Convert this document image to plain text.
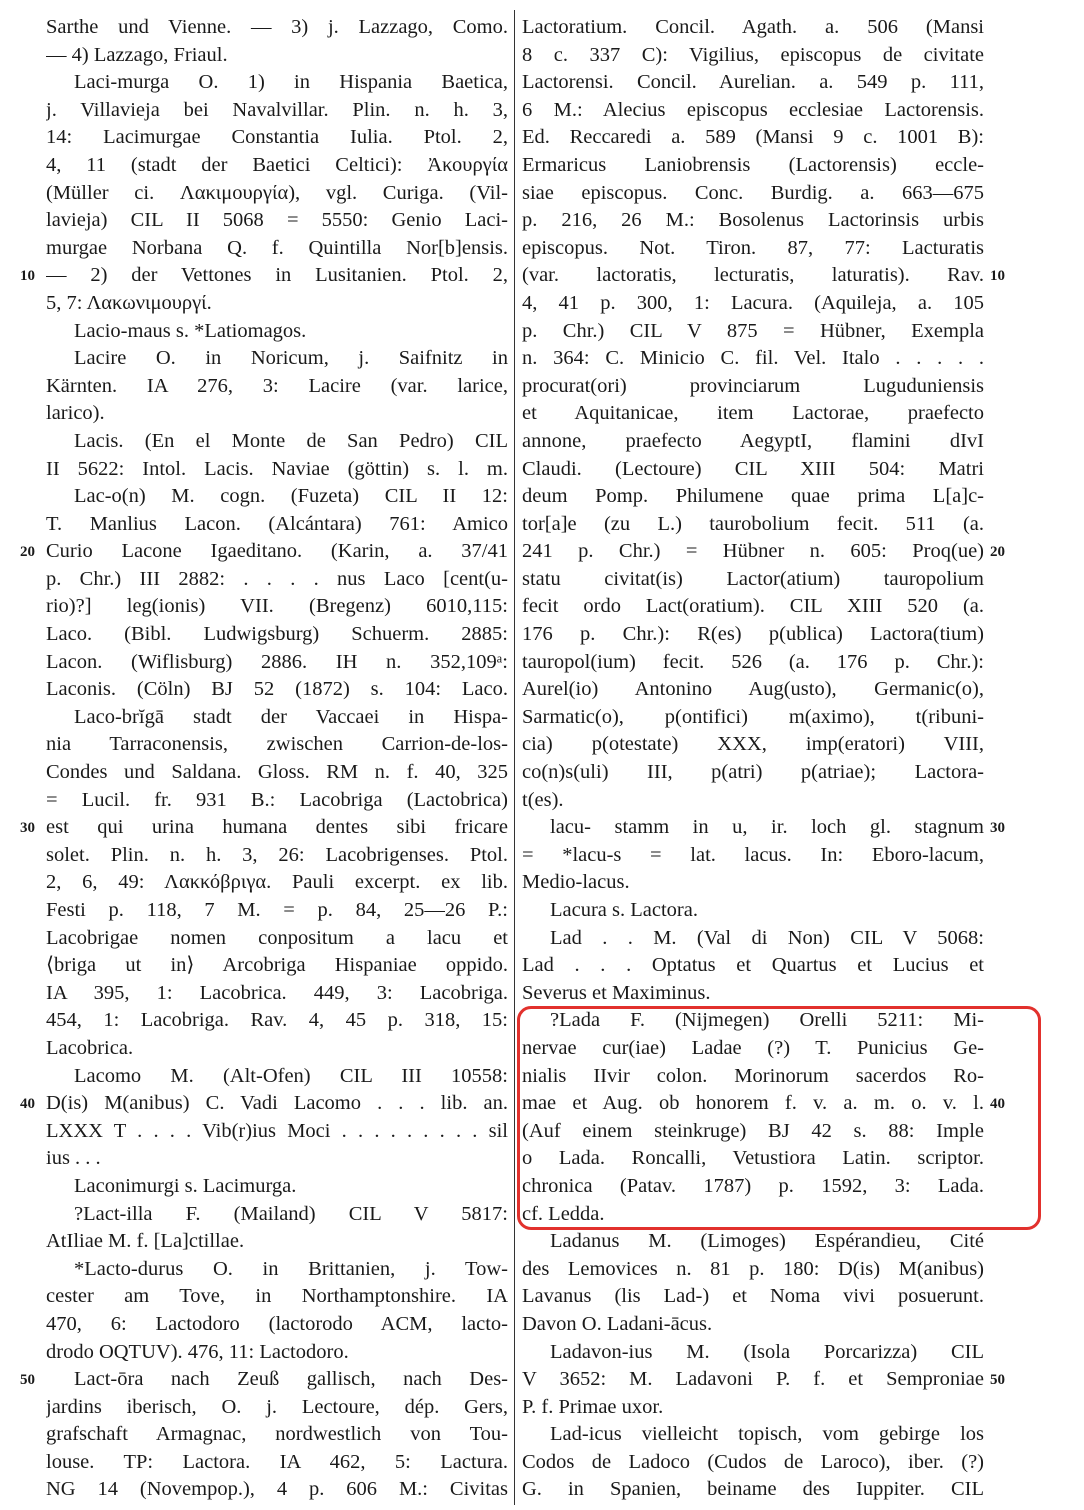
Sarthe und Vienne. — 3) j. Lazzago, Como.
— 4) Lazzago, Friaul.
Laci-murga O. 1) in Hispania Baetica,
j. Villavieja bei Navalvillar. Plin. n. h. 3,
14: Lacimurgae Constantia Iulia. Ptol. 2,
4, 11 (stadt der Baetici Celtici): Ἀκουργία
(Müller ci. Λακιμουργία), vgl. Curiga. (Vil-
lavieja) CIL II 5068 = 5550: Genio Laci-
murgae Norbana Q. f. Quintilla Nor[b]ensis.
— 2) der Vettones in Lusitanien. Ptol. 2,
5, 7: Λακωνιμουργί.
Lacio-maus s. *Latiomagos.
Lacire O. in Noricum, j. Saifnitz in
Kärnten. IA 276, 3: Lacire (var. larice,
larico).
Lacis. (En el Monte de San Pedro) CIL
II 5622: Intol. Lacis. Naviae (göttin) s. l. m.
Lac-o(n) M. cogn. (Fuzeta) CIL II 12:
T. Manlius Lacon. (Alcántara) 761: Amico
Curio Lacone Igaeditano. (Karin, a. 37/41
p. Chr.) III 2882: . . . . nus Laco [cent(u-
rio)?] leg(ionis) VII. (Bregenz) 6010,115:
Laco. (Bibl. Ludwigsburg) Schuerm. 2885:
Lacon. (Wiflisburg) 2886. IH n. 352,109ᵃ:
Laconis. (Cöln) BJ 52 (1872) s. 104: Laco.
Laco-brĭgā stadt der Vaccaei in Hispa-
nia Tarraconensis, zwischen Carrion-de-los-
Condes und Saldana. Gloss. RM n. f. 40, 325
= Lucil. fr. 931 B.: Lacobriga (Lactobrica)
est qui urina humana dentes sibi fricare
solet. Plin. n. h. 3, 26: Lacobrigenses. Ptol.
2, 6, 49: Λακκόβριγα. Pauli excerpt. ex lib.
Festi p. 118, 7 M. = p. 84, 25—26 P.:
Lacobrigae nomen conpositum a lacu et
⟨briga ut in⟩ Arcobriga Hispaniae oppido.
IA 395, 1: Lacobrica. 449, 3: Lacobriga.
454, 1: Lacobriga. Rav. 4, 45 p. 318, 15:
Lacobrica.
Lacomo M. (Alt-Ofen) CIL III 10558:
D(is) M(anibus) C. Vadi Lacomo . . . lib. an.
LXXX T . . . . Vib(r)ius Moci . . . . . . . . . sil
ius . . .
Laconimurgi s. Lacimurga.
?Lact-illa F. (Mailand) CIL V 5817:
AtIliae M. f. [La]ctillae.
*Lacto-durus O. in Brittanien, j. Tow-
cester am Tove, in Northamptonshire. IA
470, 6: Lactodoro (lactorodo ACM, lacto-
drodo OQTUV). 476, 11: Lactodoro.
Lact-ōra nach Zeuß gallisch, nach Des-
jardins iberisch, O. j. Lectoure, dép. Gers,
grafschaft Armagnac, nordwestlich von Tou-
louse. TP: Lactora. IA 462, 5: Lactura.
NG 14 (Novempop.), 4 p. 606 M.: Civitas
Lactoratium. Concil. Agath. a. 506 (Mansi
8 c. 337 C): Vigilius, episcopus de civitate
Lactorensi. Concil. Aurelian. a. 549 p. 111,
6 M.: Alecius episcopus ecclesiae Lactorensis.
Ed. Reccaredi a. 589 (Mansi 9 c. 1001 B):
Ermaricus Laniobrensis (Lactorensis) eccle-
siae episcopus. Conc. Burdig. a. 663—675
p. 216, 26 M.: Bosolenus Lactorinsis urbis
episcopus. Not. Tiron. 87, 77: Lacturatis
(var. lactoratis, lecturatis, laturatis). Rav.
4, 41 p. 300, 1: Lacura. (Aquileja, a. 105
p. Chr.) CIL V 875 = Hübner, Exempla
n. 364: C. Minicio C. fil. Vel. Italo . . . . .
procurat(ori) provinciarum Luguduniensis
et Aquitanicae, item Lactorae, praefecto
annone, praefecto AegyptI, flamini dIvI
Claudi. (Lectoure) CIL XIII 504: Matri
deum Pomp. Philumene quae prima L[a]c-
tor[a]e (zu L.) taurobolium fecit. 511 (a.
241 p. Chr.) = Hübner n. 605: Proq(ue)
statu civitat(is) Lactor(atium) tauropolium
fecit ordo Lact(oratium). CIL XIII 520 (a.
176 p. Chr.): R(es) p(ublica) Lactora(tium)
tauropol(ium) fecit. 526 (a. 176 p. Chr.):
Aurel(io) Antonino Aug(usto), Germanic(o),
Sarmatic(o), p(ontifici) m(aximo), t(ribuni-
cia) p(otestate) XXX, imp(eratori) VIII,
co(n)s(uli) III, p(atri) p(atriae); Lactora-
t(es).
lacu- stamm in u, ir. loch gl. stagnum
= *lacu-s = lat. lacus. In: Eboro-lacum,
Medio-lacus.
Lacura s. Lactora.
Lad . . M. (Val di Non) CIL V 5068:
Lad . . . Optatus et Quartus et Lucius et
Severus et Maximinus.
?Lada F. (Nijmegen) Orelli 5211: Mi-
nervae cur(iae) Ladae (?) T. Punicius Ge-
nialis IIvir colon. Morinorum sacerdos Ro-
mae et Aug. ob honorem f. v. a. m. o. v. l.
(Auf einem steinkruge) BJ 42 s. 88: Imple
o Lada. Roncalli, Vetustiora Latin. scriptor.
chronica (Patav. 1787) p. 1592, 3: Lada.
cf. Ledda.
Ladanus M. (Limoges) Espérandieu, Cité
des Lemovices n. 81 p. 180: D(is) M(anibus)
Lavanus (lis Lad-) et Noma vivi posuerunt.
Davon O. Ladani-ācus.
Ladavon-ius M. (Isola Porcarizza) CIL
V 3652: M. Ladavoni P. f. et Semproniae
P. f. Primae uxor.
Lad-icus vielleicht topisch, vom gebirge los
Codos de Ladoco (Cudos de Laroco), iber. (?)
G. in Spanien, beiname des Iuppiter. CIL
10
20
30
40
50
10
20
30
40
50
